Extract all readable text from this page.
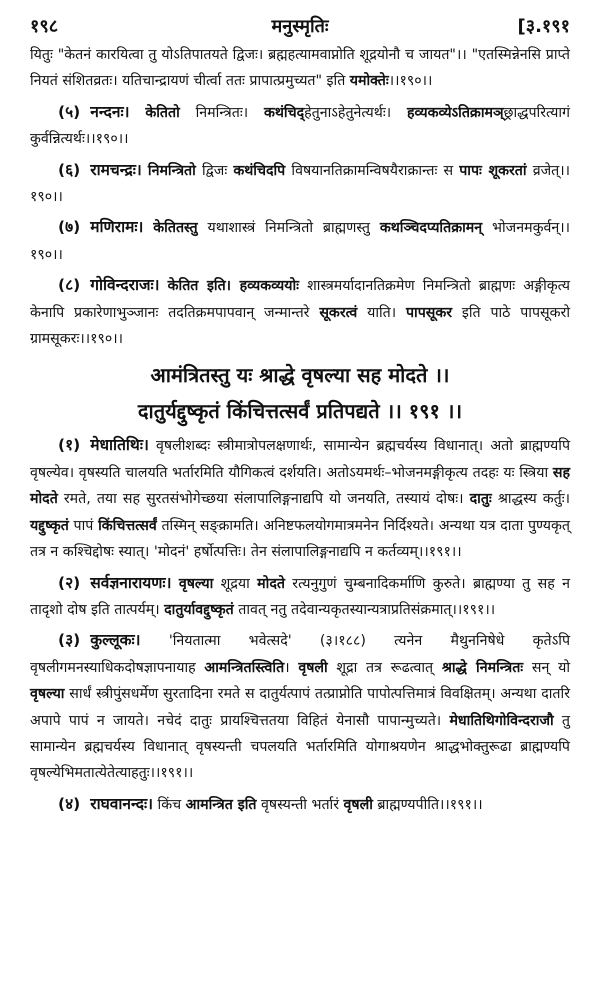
१९८	मनुस्मृतिः	[३.१९१

यितुः "केतनं कारयित्वा तु योऽतिपातयते द्विजः। ब्रह्महत्यामवाप्नोति शूद्रयोनौ च जायत"।। "एतस्मिन्नेनसि प्राप्ते नियतं संशितव्रतः। यतिचान्द्रायणं चीर्त्वा ततः प्रापात्प्रमुच्यत" इति यमोक्तेः।।१९०।।

(५) नन्दनः। केतितो निमन्त्रितः। कथंचिद्हेतुनाऽहेतुनेत्यर्थः। हव्यकव्येऽतिक्रामञ्छ्राद्धपरित्यागं कुर्वन्नित्यर्थः।।१९०।।

(६) रामचन्द्रः। निमन्त्रितो द्विजः कथंचिदपि विषयानतिक्रामन्विषयैराक्रान्तः स पापः शूकरतां व्रजेत्।।१९०।।

(७) मणिरामः। केतितस्तु यथाशास्त्रं निमन्त्रितो ब्राह्मणस्तु कथञ्चिदप्यतिक्रामन् भोजनमकुर्वन्।।१९०।।

(८) गोविन्दराजः। केतित इति। हव्यकव्ययोः शास्त्रमर्यादानतिक्रमेण निमन्त्रितो ब्राह्मणः अङ्गीकृत्य केनापि प्रकारेणाभुञ्जानः तदतिक्रमपापवान् जन्मान्तरे सूकरत्वं याति। पापसूकर इति पाठे पापसूकरो ग्रामसूकरः।।१९०।।

आमंत्रितस्तु यः श्राद्धे वृषल्या सह मोदते ।।
दातुर्यद्दुष्कृतं किंचित्तत्सर्वं प्रतिपद्यते ।। १९१ ।।

(१) मेधातिथिः। वृषलीशब्दः स्त्रीमात्रोपलक्षणार्थः, सामान्येन ब्रह्मचर्यस्य विधानात्। अतो ब्राह्मण्यपि वृषल्येव। वृषस्यति चालयति भर्तारमिति यौगिकत्वं दर्शयति। अतोऽयमर्थः–भोजनमङ्गीकृत्य तदहः यः स्त्रिया सह मोदते रमते, तया सह सुरतसंभोगेच्छया संलापालिङ्गनाद्यपि यो जनयति, तस्यायं दोषः। दातुः श्राद्धस्य कर्तुः। यद्दुष्कृतं पापं किंचित्तत्सर्वं तस्मिन् सङ्क्रामति। अनिष्टफलयोगमात्रमनेन निर्दिश्यते। अन्यथा यत्र दाता पुण्यकृत् तत्र न कश्चिद्दोषः स्यात्। 'मोदनं' हर्षोत्पत्तिः। तेन संलापालिङ्गनाद्यपि न कर्तव्यम्।।१९१।।

(२) सर्वज्ञनारायणः। वृषल्या शूद्रया मोदते रत्यनुगुणं चुम्बनादिकर्माणि कुरुते। ब्राह्मण्या तु सह न तादृशो दोष इति तात्पर्यम्। दातुर्यावद्दुष्कृतं तावत् नतु तदेवान्यकृतस्यान्यत्राप्रतिसंक्रमात्।।१९१।।

(३) कुल्लूकः। 'नियतात्मा भवेत्सदे' (३।१८८) त्यनेन मैथुननिषेधे कृतेऽपि वृषलीगमनस्याधिकदोषज्ञापनायाह आमन्त्रितस्त्विति। वृषली शूद्रा तत्र रूढत्वात् श्राद्धे निमन्त्रितः सन् यो वृषल्या सार्धं स्त्रीपुंसधर्मेण सुरतादिना रमते स दातुर्यत्पापं तत्प्राप्नोति पापोत्पत्तिमात्रं विवक्षितम्। अन्यथा दातरि अपापे पापं न जायते। नचेदं दातुः प्रायश्चित्ततया विहितं येनासौ पापान्मुच्यते। मेधातिथिगोविन्दराजौ तु सामान्येन ब्रह्मचर्यस्य विधानात् वृषस्यन्ती चपलयति भर्तारमिति योगाश्रयणेन श्राद्धभोक्तुरूढा ब्राह्मण्यपि वृषल्येभिमतात्येतेत्याहतुः।।१९१।।

(४) राघवानन्दः। किंच आमन्त्रित इति वृषस्यन्ती भर्तारं वृषली ब्राह्मण्यपीति।।१९१।।
